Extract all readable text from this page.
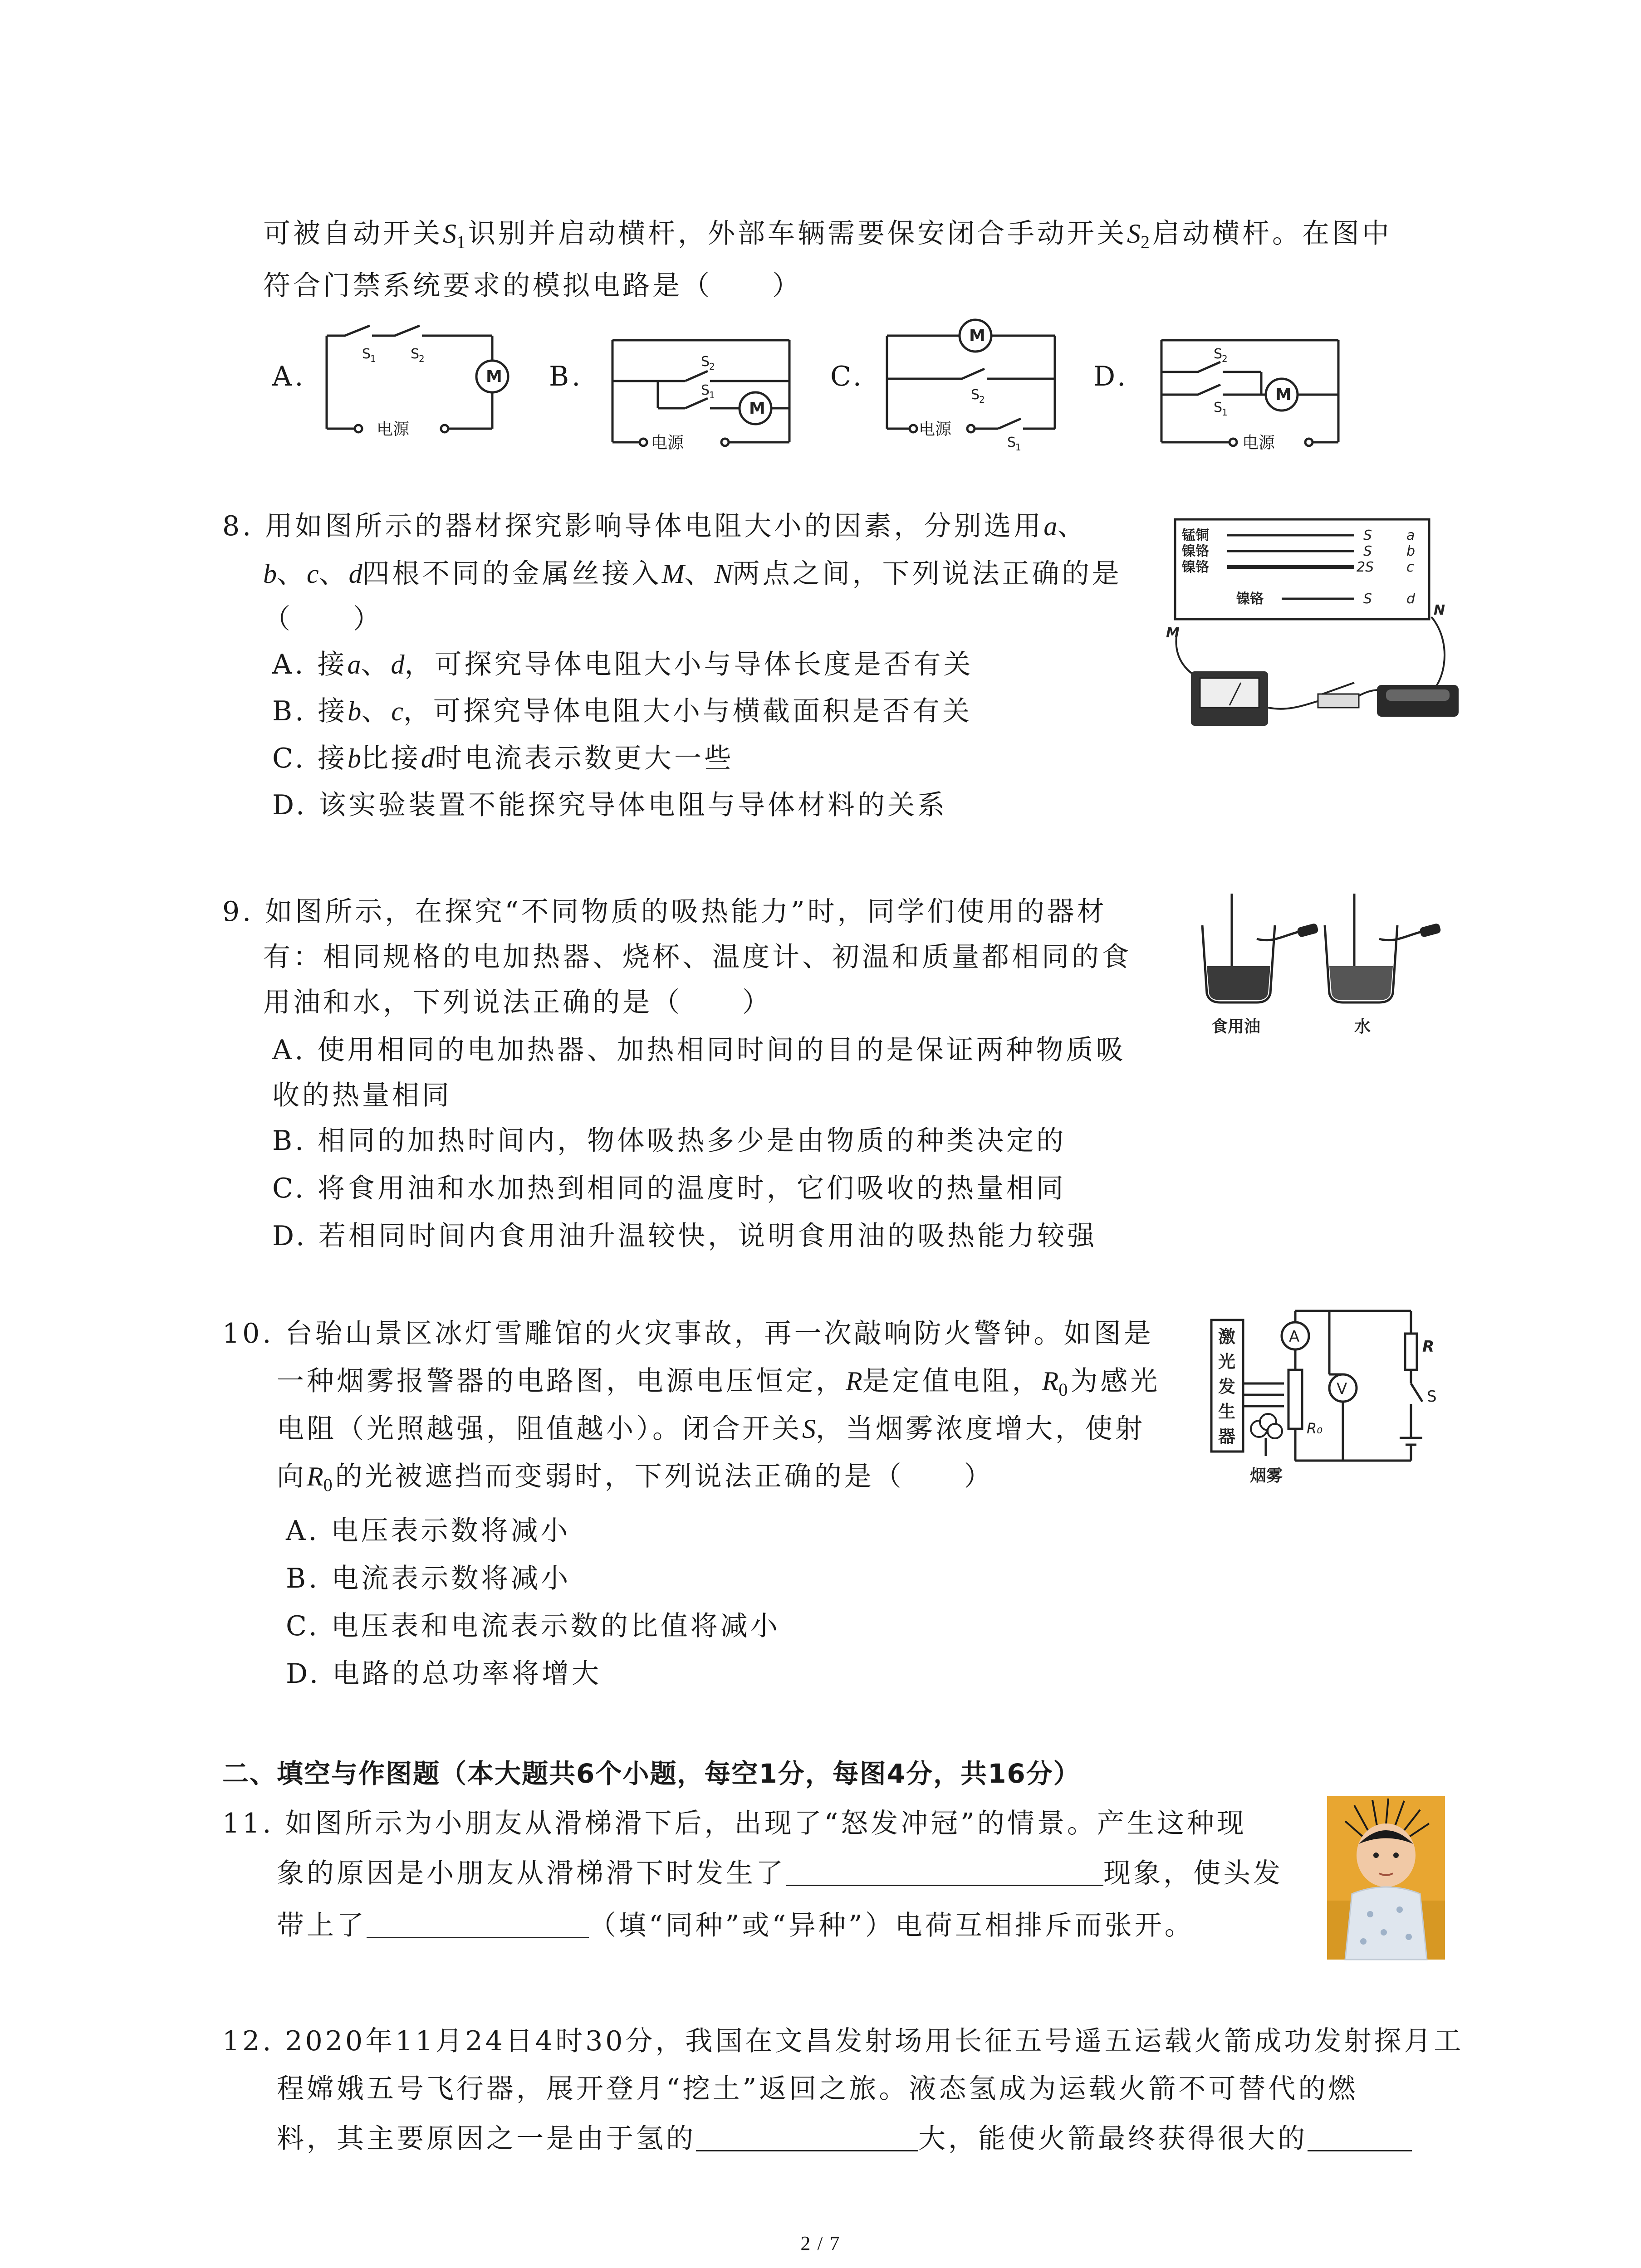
可被自动开关$S_1$识别并启动横杆，外部车辆需要保安闭合手动开关$S_2$启动横杆。在图中
符合门禁系统要求的模拟电路是（　　）
A.
S
1	S
2
M
电源
B.	S
2
S
1
M
电源
C.
M
S
2
电源
S
1
D.
S
2
S
1
M
电源
8. 用如图所示的器材探究影响导体电阻大小的因素，分别选用a、
b、c、d四根不同的金属丝接入M、N两点之间，下列说法正确的是
（　　）
A. 接a、d，可探究导体电阻大小与导体长度是否有关
B. 接b、c，可探究导体电阻大小与横截面积是否有关
C. 接b比接d时电流表示数更大一些
D. 该实验装置不能探究导体电阻与导体材料的关系
锰铜
镍铬
镍铬
镍铬
S
S
2S
S
a
b
c
d
M
N
9. 如图所示，在探究“不同物质的吸热能力”时，同学们使用的器材
有：相同规格的电加热器、烧杯、温度计、初温和质量都相同的食
用油和水，下列说法正确的是（　　）
A. 使用相同的电加热器、加热相同时间的目的是保证两种物质吸
收的热量相同
B. 相同的加热时间内，物体吸热多少是由物质的种类决定的
C. 将食用油和水加热到相同的温度时，它们吸收的热量相同
D. 若相同时间内食用油升温较快，说明食用油的吸热能力较强
食用油	水
10. 台骀山景区冰灯雪雕馆的火灾事故，再一次敲响防火警钟。如图是
一种烟雾报警器的电路图，电源电压恒定，R是定值电阻，$R_0$为感光
电阻（光照越强，阻值越小）。闭合开关S，当烟雾浓度增大，使射
向$R_0$的光被遮挡而变弱时，下列说法正确的是（　　）
A. 电压表示数将减小
B. 电流表示数将减小
C. 电压表和电流表示数的比值将减小
D. 电路的总功率将增大
激
光
发
生
器
A
V
R
S
R₀
烟雾
二、填空与作图题（本大题共6个小题，每空1分，每图4分，共16分）
11. 如图所示为小朋友从滑梯滑下后，出现了“怒发冲冠”的情景。产生这种现
象的原因是小朋友从滑梯滑下时发生了	现象，使头发
带上了	（填“同种”或“异种”）电荷互相排斥而张开。
12. 2020年11月24日4时30分，我国在文昌发射场用长征五号遥五运载火箭成功发射探月工
程嫦娥五号飞行器，展开登月“挖土”返回之旅。液态氢成为运载火箭不可替代的燃
料，其主要原因之一是由于氢的	大，能使火箭最终获得很大的
2 / 7
